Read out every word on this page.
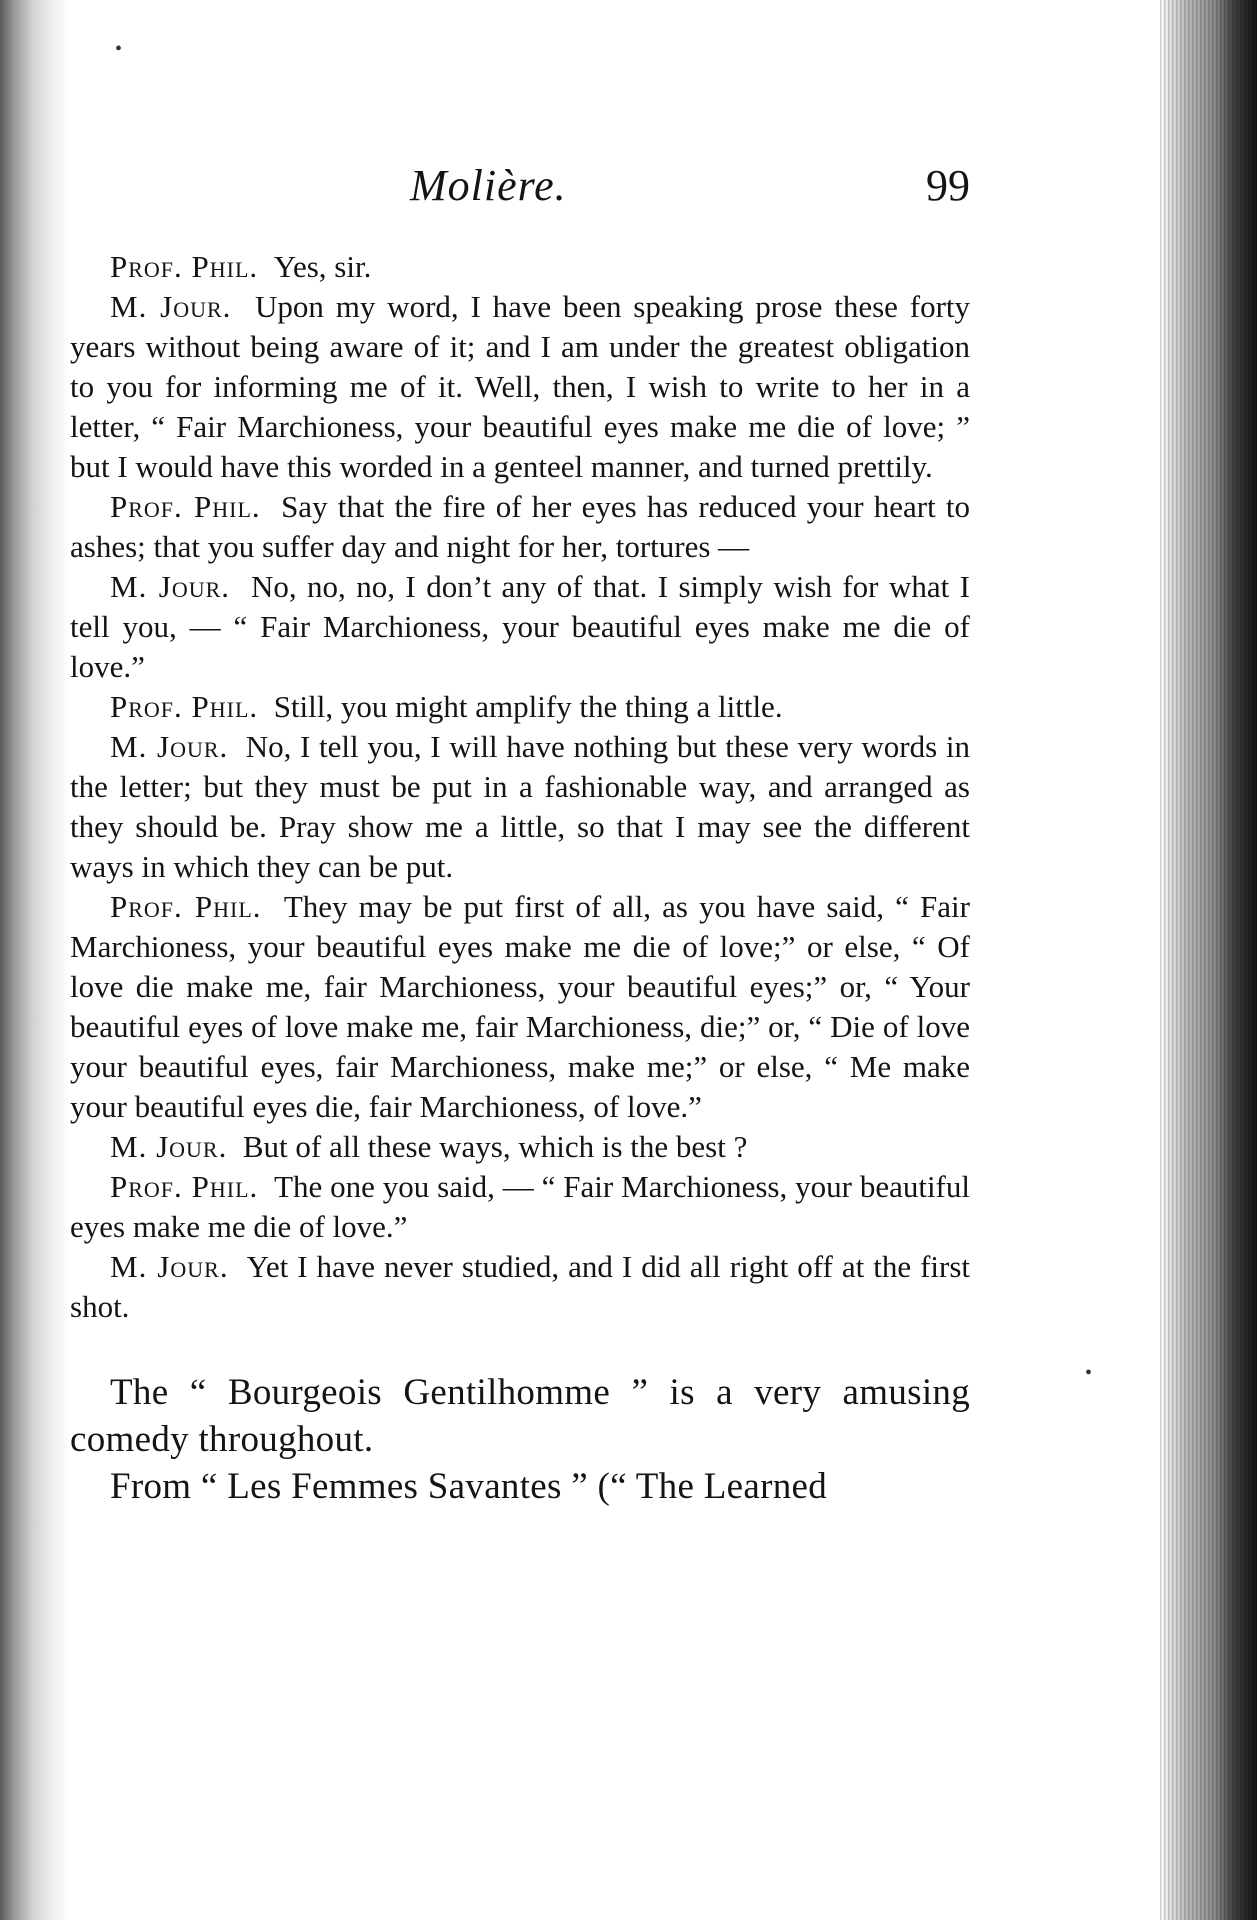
•
•
Molière.	99

Prof. Phil. Yes, sir.

M. Jour. Upon my word, I have been speaking prose these forty years without being aware of it; and I am under the greatest obligation to you for informing me of it. Well, then, I wish to write to her in a letter, “ Fair Marchioness, your beautiful eyes make me die of love; ” but I would have this worded in a genteel manner, and turned prettily.

Prof. Phil. Say that the fire of her eyes has reduced your heart to ashes; that you suffer day and night for her, tortures —

M. Jour. No, no, no, I don’t any of that. I simply wish for what I tell you, — “ Fair Marchioness, your beautiful eyes make me die of love.”

Prof. Phil. Still, you might amplify the thing a little.

M. Jour. No, I tell you, I will have nothing but these very words in the letter; but they must be put in a fashionable way, and arranged as they should be. Pray show me a little, so that I may see the different ways in which they can be put.

Prof. Phil. They may be put first of all, as you have said, “ Fair Marchioness, your beautiful eyes make me die of love;” or else, “ Of love die make me, fair Marchioness, your beautiful eyes;” or, “ Your beautiful eyes of love make me, fair Marchioness, die;” or, “ Die of love your beautiful eyes, fair Marchioness, make me;” or else, “ Me make your beautiful eyes die, fair Marchioness, of love.”

M. Jour. But of all these ways, which is the best ?

Prof. Phil. The one you said, — “ Fair Marchioness, your beautiful eyes make me die of love.”

M. Jour. Yet I have never studied, and I did all right off at the first shot.

The “ Bourgeois Gentilhomme ” is a very amusing comedy throughout.

From “ Les Femmes Savantes ” (“ The Learned
